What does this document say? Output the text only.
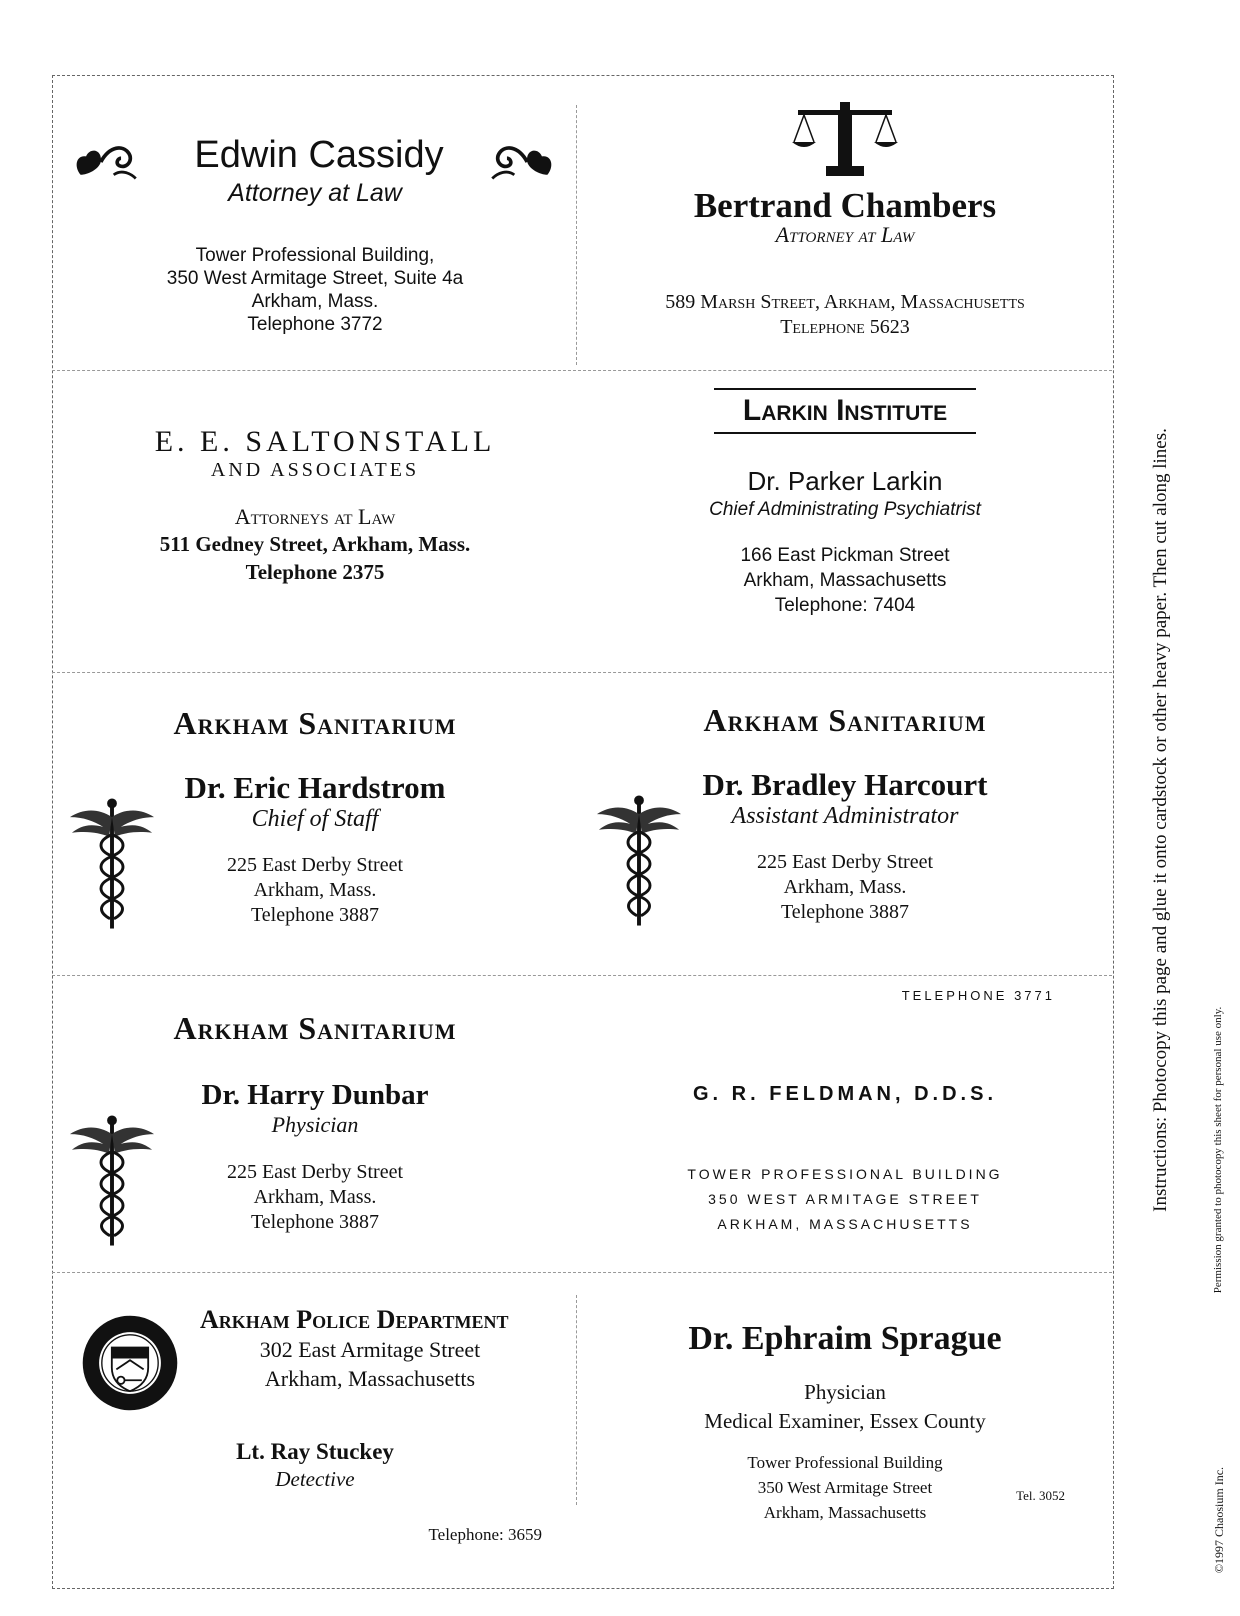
Edwin Cassidy
Attorney at Law
Tower Professional Building,
350 West Armitage Street, Suite 4a
Arkham, Mass.
Telephone 3772
Bertrand Chambers
Attorney at Law
589 Marsh Street, Arkham, Massachusetts
Telephone 5623
E. E. SALTONSTALL
AND ASSOCIATES
Attorneys at Law
511 Gedney Street, Arkham, Mass.
Telephone 2375
Larkin Institute
Dr. Parker Larkin
Chief Administrating Psychiatrist
166 East Pickman Street
Arkham, Massachusetts
Telephone: 7404
Arkham Sanitarium
Dr. Eric Hardstrom
Chief of Staff
225 East Derby Street
Arkham, Mass.
Telephone 3887
Arkham Sanitarium
Dr. Bradley Harcourt
Assistant Administrator
225 East Derby Street
Arkham, Mass.
Telephone 3887
Arkham Sanitarium
Dr. Harry Dunbar
Physician
225 East Derby Street
Arkham, Mass.
Telephone 3887
TELEPHONE 3771
G. R. FELDMAN, D.D.S.
TOWER PROFESSIONAL BUILDING
350 WEST ARMITAGE STREET
ARKHAM, MASSACHUSETTS
Arkham Police Department
302 East Armitage Street
Arkham, Massachusetts
Lt. Ray Stuckey
Detective
Telephone: 3659
Dr. Ephraim Sprague
Physician
Medical Examiner, Essex County
Tower Professional Building
350 West Armitage Street
Arkham, Massachusetts
Tel. 3052
Instructions: Photocopy this page and glue it onto cardstock or other heavy paper. Then cut along lines.	Permission granted to photocopy this sheet for personal use only.
©1997 Chaosium Inc.
